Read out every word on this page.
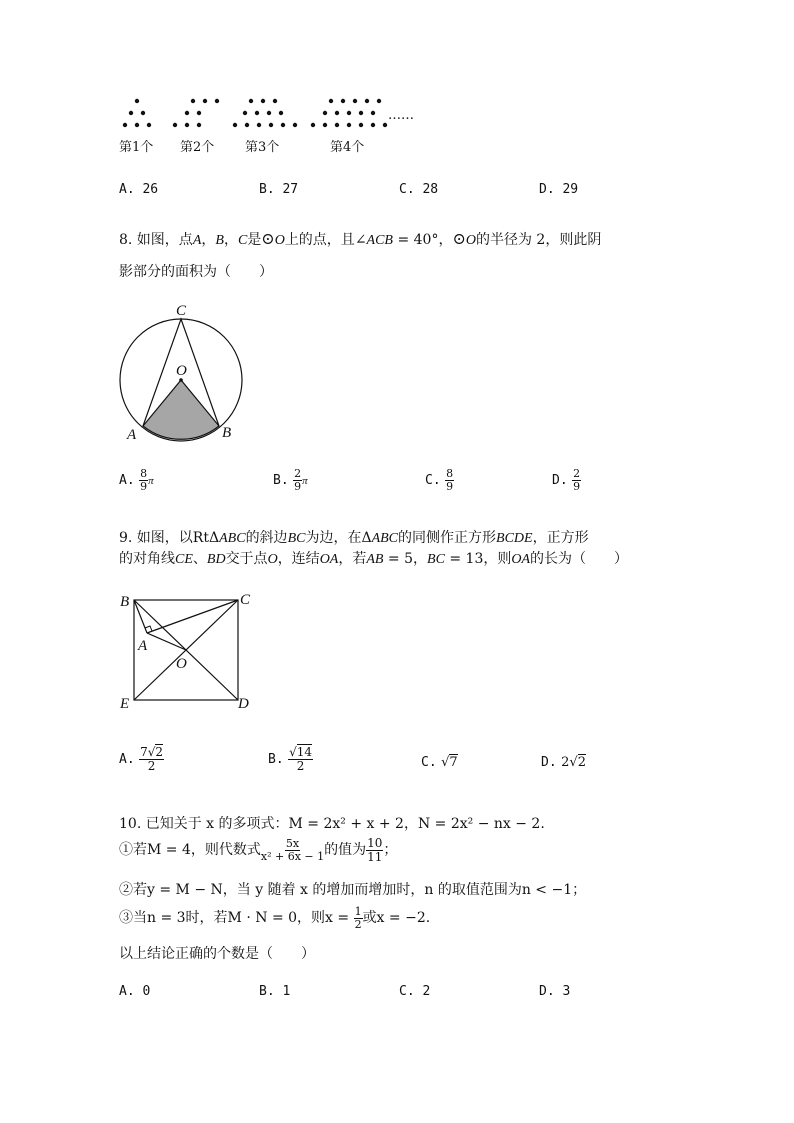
……
第1个 第2个 第3个	第4个
A. 26	B. 27	C. 28	D. 29
8. 如图，点A，B，C是⊙O上的点，且∠ACB = 40°，⊙O的半径为 2，则此阴
影部分的面积为（　　）
C
O
A	B
A. $\frac{8}{9}$ π	B. $\frac{2}{9}$ π	C. $\frac{8}{9}$	D. $\frac{2}{9}$
9. 如图，以RtΔABC的斜边BC为边，在ΔABC的同侧作正方形BCDE，正方形
的对角线CE、BD交于点O，连结OA，若AB = 5，BC = 13，则OA的长为（　　）
B	C
A
O
E	D
A. $\frac{7√2}{2}$	B. $\frac{√14}{2}$	C. √7	D. 2√2
10. 已知关于 x 的多项式：M = 2x² + x + 2，N = 2x² − nx − 2.
①若M = 4，则代数式 $\frac{5x}{\text{x² + 6x − 1}}$ 的值为 $\frac{10}{11}$ ；
②若y = M − N，当 y 随着 x 的增加而增加时，n 的取值范围为n < −1；
③当n = 3时，若M · N = 0，则$x = \frac{1}{2}$ 或x = −2.
以上结论正确的个数是（　　）
A. 0	B. 1	C. 2	D. 3
